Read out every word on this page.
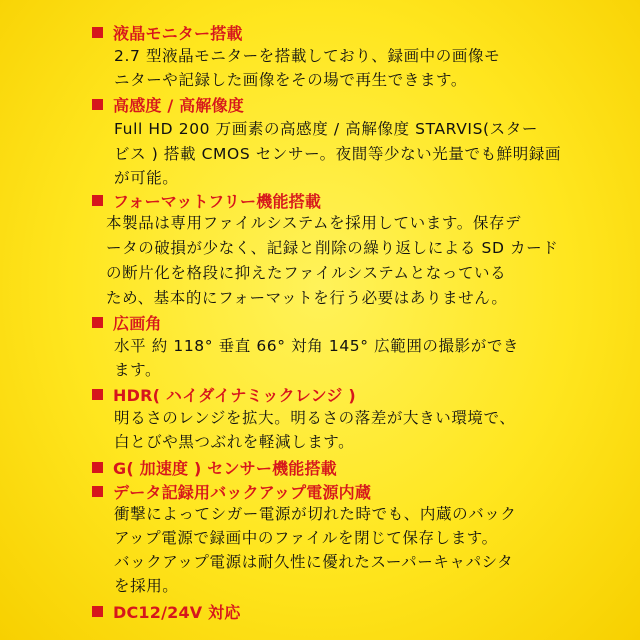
液晶モニター搭載
2.7 型液晶モニターを搭載しており、録画中の画像モ
ニターや記録した画像をその場で再生できます。
高感度 / 高解像度
Full HD 200 万画素の高感度 / 高解像度 STARVIS(スター
ビス ) 搭載 CMOS センサー。夜間等少ない光量でも鮮明録画
が可能。
フォーマットフリー機能搭載
本製品は専用ファイルシステムを採用しています。保存デ
ータの破損が少なく、記録と削除の繰り返しによる SD カード
の断片化を格段に抑えたファイルシステムとなっている
ため、基本的にフォーマットを行う必要はありません。
広画角
水平 約 118° 垂直 66° 対角 145° 広範囲の撮影ができ
ます。
HDR( ハイダイナミックレンジ )
明るさのレンジを拡大。明るさの落差が大きい環境で、
白とびや黒つぶれを軽減します。
G( 加速度 ) センサー機能搭載
データ記録用バックアップ電源内蔵
衝撃によってシガー電源が切れた時でも、内蔵のバック
アップ電源で録画中のファイルを閉じて保存します。
バックアップ電源は耐久性に優れたスーパーキャパシタ
を採用。
DC12/24V 対応
